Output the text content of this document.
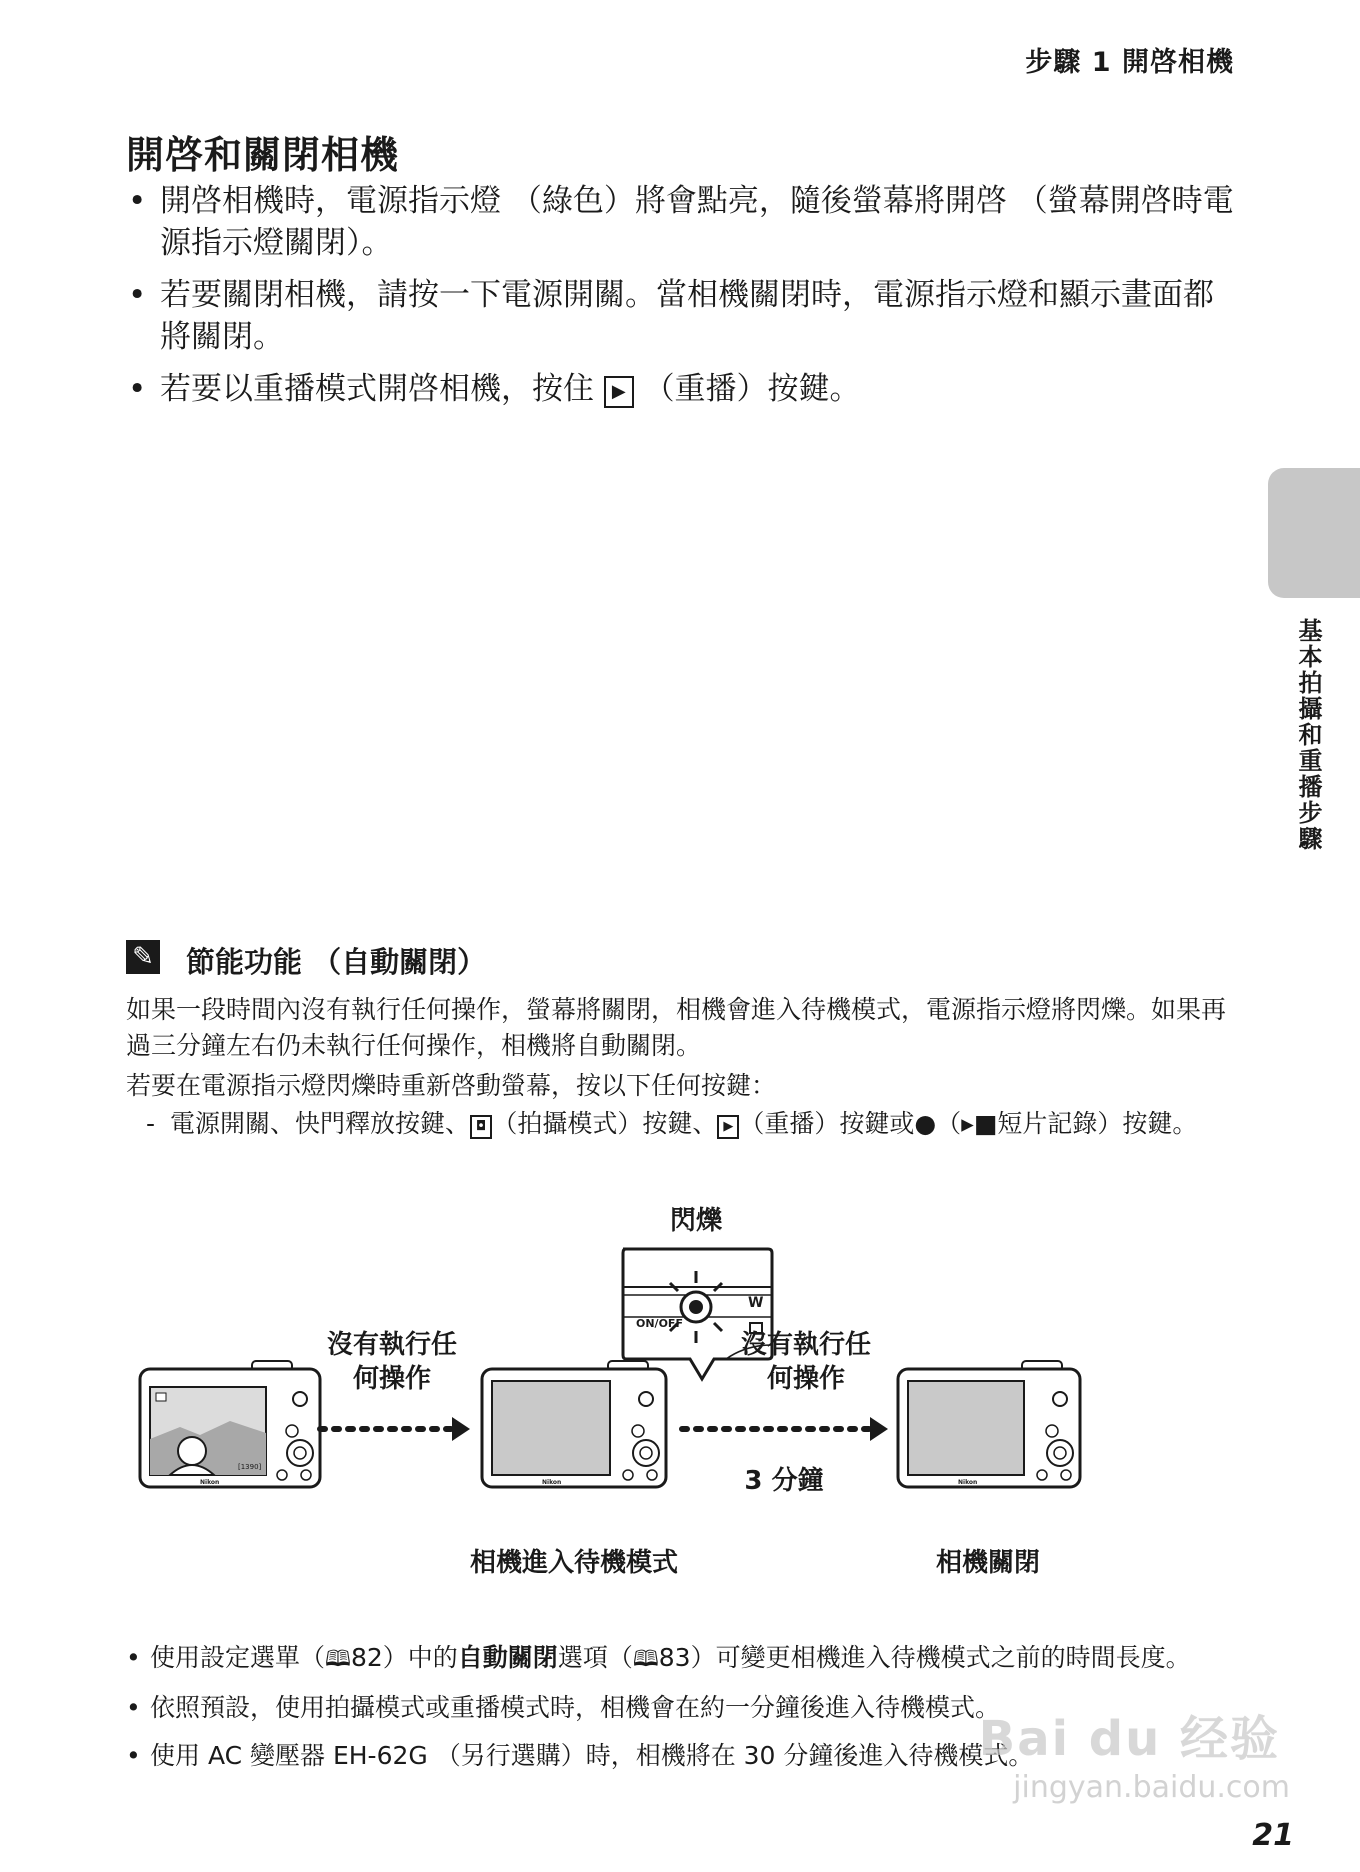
步驟 1 開啓相機
基本拍攝和重播步驟
開啓和關閉相機
• 開啓相機時，電源指示燈 （綠色）將會點亮，隨後螢幕將開啓 （螢幕開啓時電源指示燈關閉）。
• 若要關閉相機，請按一下電源開關。當相機關閉時，電源指示燈和顯示畫面都將關閉。
• 若要以重播模式開啓相機，按住 ▶ （重播）按鍵。
✎ 節能功能 （自動關閉）
如果一段時間內沒有執行任何操作，螢幕將關閉，相機會進入待機模式，電源指示燈將閃爍。如果再過三分鐘左右仍未執行任何操作，相機將自動關閉。
若要在電源指示燈閃爍時重新啓動螢幕，按以下任何按鍵：
- 電源開關、快門釋放按鍵、 ◘ （拍攝模式）按鍵、 ▶ （重播）按鍵或●（▸■短片記錄）按鍵。
閃爍
ON/OFF
W
[1390]
Nikon
沒有執行任
何操作
Nikon
相機進入待機模式
沒有執行任
何操作
3 分鐘	Nikon
相機關閉
• 使用設定選單（🕮82）中的自動關閉選項（🕮83）可變更相機進入待機模式之前的時間長度。
• 依照預設，使用拍攝模式或重播模式時，相機會在約一分鐘後進入待機模式。
• 使用 AC 變壓器 EH-62G （另行選購）時，相機將在 30 分鐘後進入待機模式。
Bai du 经验
jingyan.baidu.com
21
